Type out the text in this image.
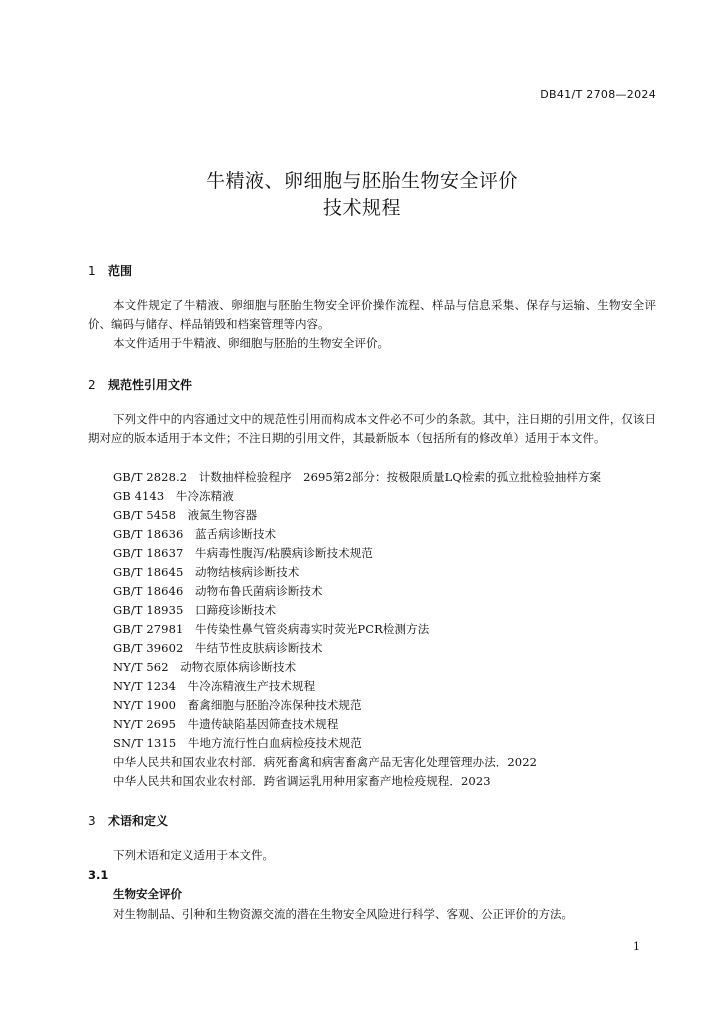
DB41/T 2708—2024
牛精液、卵细胞与胚胎生物安全评价
技术规程
1 范围
本文件规定了牛精液、卵细胞与胚胎生物安全评价操作流程、样品与信息采集、保存与运输、生物安全评价、编码与储存、样品销毁和档案管理等内容。
本文件适用于牛精液、卵细胞与胚胎的生物安全评价。
2 规范性引用文件
下列文件中的内容通过文中的规范性引用而构成本文件必不可少的条款。其中，注日期的引用文件，仅该日期对应的版本适用于本文件；不注日期的引用文件，其最新版本（包括所有的修改单）适用于本文件。
GB/T 2828.2　计数抽样检验程序　2695第2部分：按极限质量LQ检索的孤立批检验抽样方案
GB 4143　牛冷冻精液
GB/T 5458　液氮生物容器
GB/T 18636　蓝舌病诊断技术
GB/T 18637　牛病毒性腹泻/粘膜病诊断技术规范
GB/T 18645　动物结核病诊断技术
GB/T 18646　动物布鲁氏菌病诊断技术
GB/T 18935　口蹄疫诊断技术
GB/T 27981　牛传染性鼻气管炎病毒实时荧光PCR检测方法
GB/T 39602　牛结节性皮肤病诊断技术
NY/T 562　动物衣原体病诊断技术
NY/T 1234　牛冷冻精液生产技术规程
NY/T 1900　畜禽细胞与胚胎冷冻保种技术规范
NY/T 2695　牛遗传缺陷基因筛查技术规程
SN/T 1315　牛地方流行性白血病检疫技术规范
中华人民共和国农业农村部．病死畜禽和病害畜禽产品无害化处理管理办法．2022
中华人民共和国农业农村部．跨省调运乳用种用家畜产地检疫规程．2023
3 术语和定义
下列术语和定义适用于本文件。
3.1
生物安全评价
对生物制品、引种和生物资源交流的潜在生物安全风险进行科学、客观、公正评价的方法。
1
